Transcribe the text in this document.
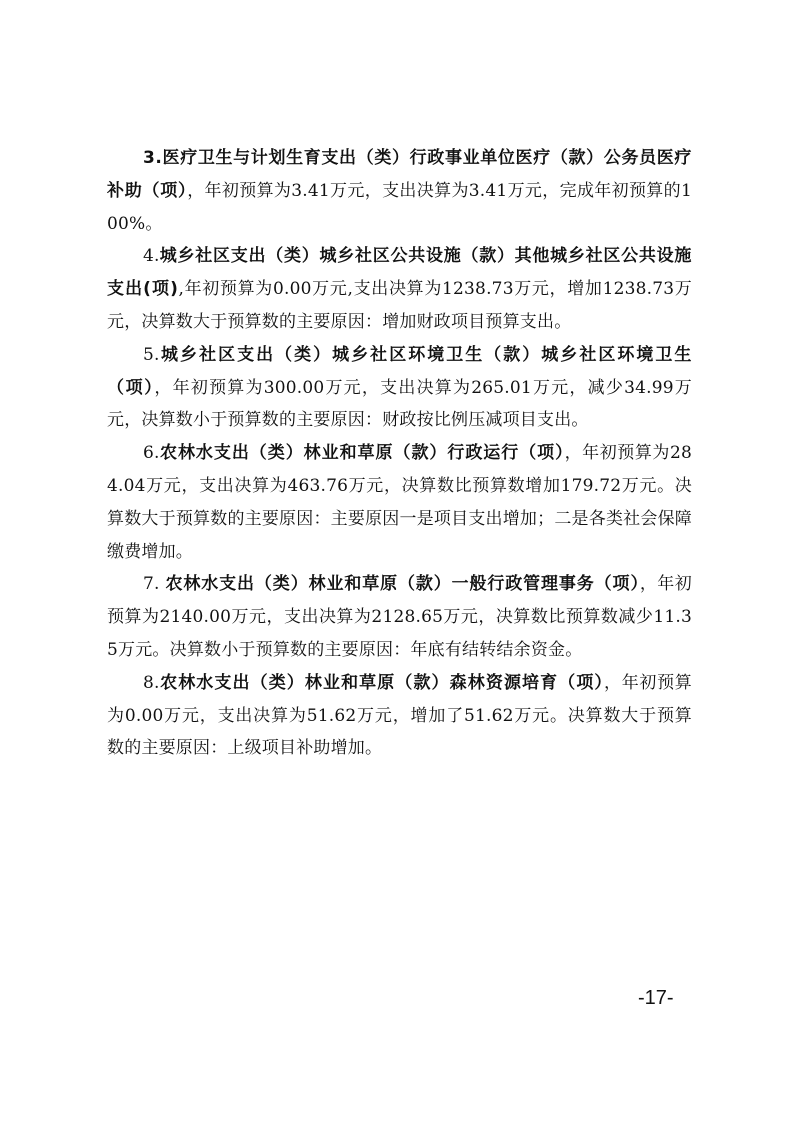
3.医疗卫生与计划生育支出（类）行政事业单位医疗（款）公务员医疗补助（项），年初预算为3.41万元，支出决算为3.41万元，完成年初预算的100%。

4.城乡社区支出（类）城乡社区公共设施（款）其他城乡社区公共设施支出(项),年初预算为0.00万元,支出决算为1238.73万元，增加1238.73万元，决算数大于预算数的主要原因：增加财政项目预算支出。

5.城乡社区支出（类）城乡社区环境卫生（款）城乡社区环境卫生（项），年初预算为300.00万元，支出决算为265.01万元，减少34.99万元，决算数小于预算数的主要原因：财政按比例压减项目支出。

6.农林水支出（类）林业和草原（款）行政运行（项），年初预算为284.04万元，支出决算为463.76万元，决算数比预算数增加179.72万元。决算数大于预算数的主要原因：主要原因一是项目支出增加；二是各类社会保障缴费增加。

7. 农林水支出（类）林业和草原（款）一般行政管理事务（项），年初预算为2140.00万元，支出决算为2128.65万元，决算数比预算数减少11.35万元。决算数小于预算数的主要原因：年底有结转结余资金。

8.农林水支出（类）林业和草原（款）森林资源培育（项），年初预算为0.00万元，支出决算为51.62万元，增加了51.62万元。决算数大于预算数的主要原因：上级项目补助增加。

-17-
